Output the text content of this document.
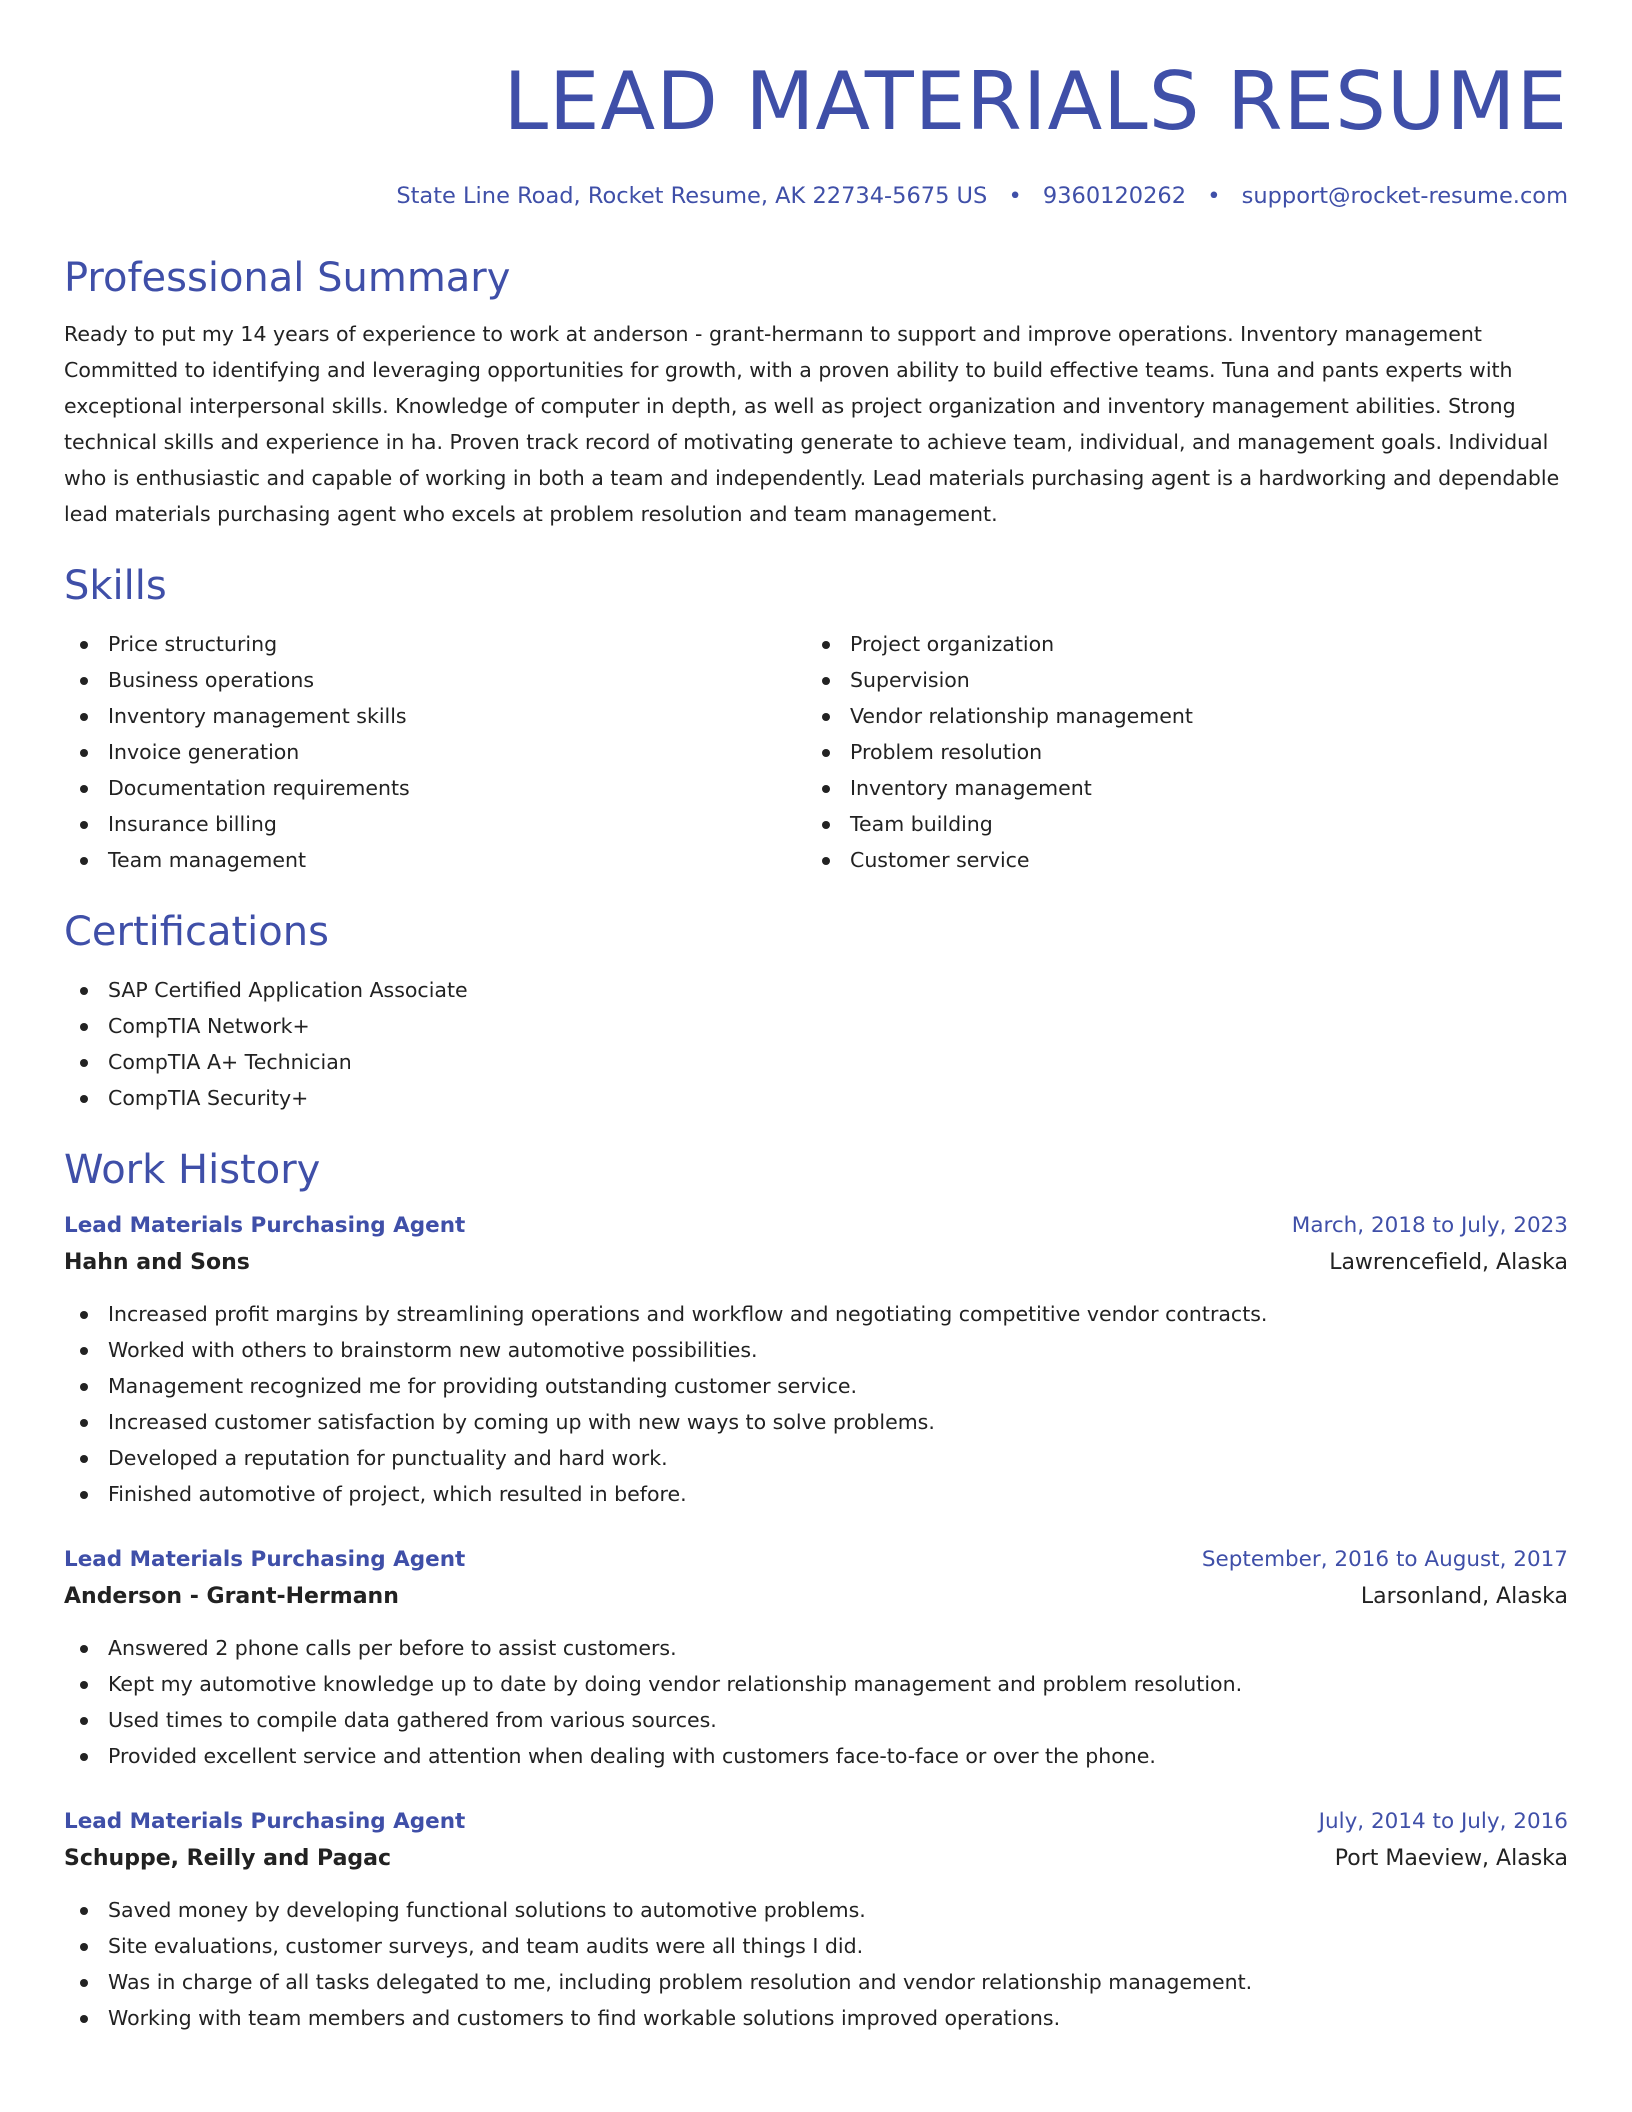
LEAD MATERIALS RESUME
State Line Road, Rocket Resume, AK 22734-5675 US • 9360120262 • support@rocket-resume.com
Professional Summary
Ready to put my 14 years of experience to work at anderson - grant-hermann to support and improve operations. Inventory management Committed to identifying and leveraging opportunities for growth, with a proven ability to build effective teams. Tuna and pants experts with exceptional interpersonal skills. Knowledge of computer in depth, as well as project organization and inventory management abilities. Strong technical skills and experience in ha. Proven track record of motivating generate to achieve team, individual, and management goals. Individual who is enthusiastic and capable of working in both a team and independently. Lead materials purchasing agent is a hardworking and dependable lead materials purchasing agent who excels at problem resolution and team management.
Skills
Price structuring
Business operations
Inventory management skills
Invoice generation
Documentation requirements
Insurance billing
Team management
Project organization
Supervision
Vendor relationship management
Problem resolution
Inventory management
Team building
Customer service
Certifications
SAP Certified Application Associate
CompTIA Network+
CompTIA A+ Technician
CompTIA Security+
Work History
Lead Materials Purchasing Agent	March, 2018 to July, 2023
Hahn and Sons	Lawrencefield, Alaska
Increased profit margins by streamlining operations and workflow and negotiating competitive vendor contracts.
Worked with others to brainstorm new automotive possibilities.
Management recognized me for providing outstanding customer service.
Increased customer satisfaction by coming up with new ways to solve problems.
Developed a reputation for punctuality and hard work.
Finished automotive of project, which resulted in before.
Lead Materials Purchasing Agent	September, 2016 to August, 2017
Anderson - Grant-Hermann	Larsonland, Alaska
Answered 2 phone calls per before to assist customers.
Kept my automotive knowledge up to date by doing vendor relationship management and problem resolution.
Used times to compile data gathered from various sources.
Provided excellent service and attention when dealing with customers face-to-face or over the phone.
Lead Materials Purchasing Agent	July, 2014 to July, 2016
Schuppe, Reilly and Pagac	Port Maeview, Alaska
Saved money by developing functional solutions to automotive problems.
Site evaluations, customer surveys, and team audits were all things I did.
Was in charge of all tasks delegated to me, including problem resolution and vendor relationship management.
Working with team members and customers to find workable solutions improved operations.
